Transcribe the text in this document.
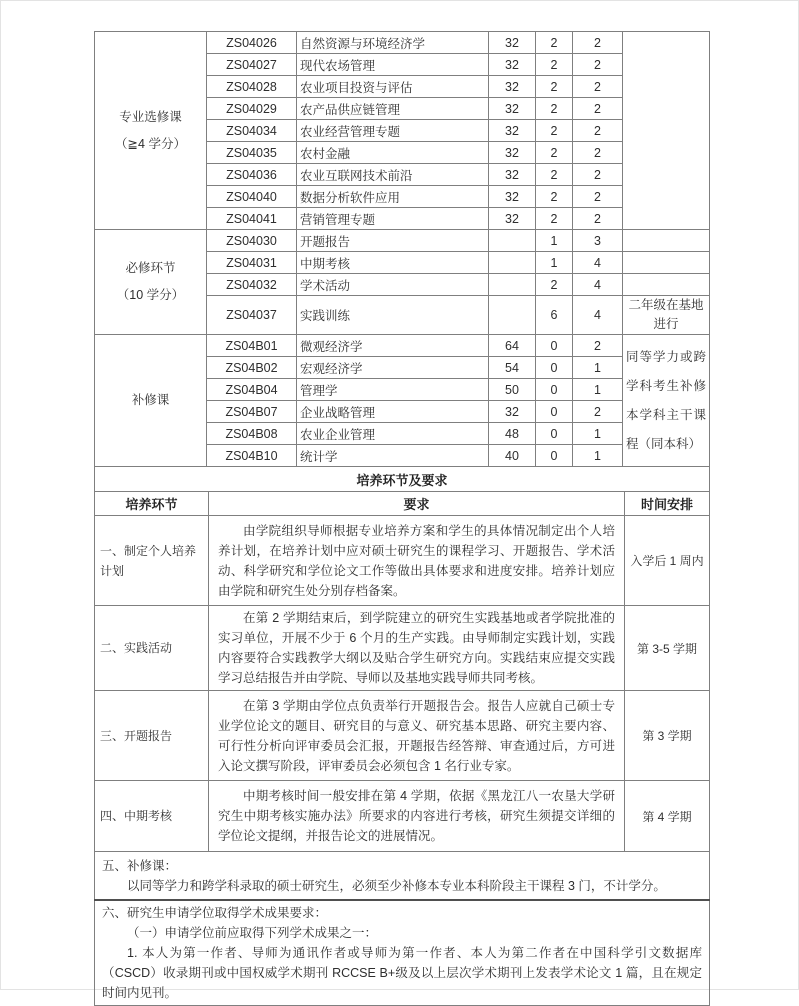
专业选修课
（≧4 学分）	ZS04026	自然资源与环境经济学	32	2	2	
	ZS04027	现代农场管理	32	2	2	
	ZS04028	农业项目投资与评估	32	2	2	
	ZS04029	农产品供应链管理	32	2	2	
	ZS04034	农业经营管理专题	32	2	2	
	ZS04035	农村金融	32	2	2	
	ZS04036	农业互联网技术前沿	32	2	2	
	ZS04040	数据分析软件应用	32	2	2	
	ZS04041	营销管理专题	32	2	2	

必修环节
（10 学分）	ZS04030	开题报告		1	3	
	ZS04031	中期考核		1	4	
	ZS04032	学术活动		2	4	
	ZS04037	实践训练		6	4	二年级在基地进行

补修课	ZS04B01	微观经济学	64	0	2	同等学力或跨学科考生补修本学科主干课程（同本科）
	ZS04B02	宏观经济学	54	0	1	
	ZS04B04	管理学	50	0	1	
	ZS04B07	企业战略管理	32	0	2	
	ZS04B08	农业企业管理	48	0	1	
	ZS04B10	统计学	40	0	1	
培养环节及要求		
培养环节	要求	时间安排
一、制定个人培养计划	由学院组织导师根据专业培养方案和学生的具体情况制定出个人培养计划，在培养计划中应对硕士研究生的课程学习、开题报告、学术活动、科学研究和学位论文工作等做出具体要求和进度安排。培养计划应由学院和研究生处分别存档备案。	入学后 1 周内
二、实践活动	在第 2 学期结束后，到学院建立的研究生实践基地或者学院批准的实习单位，开展不少于 6 个月的生产实践。由导师制定实践计划，实践内容要符合实践教学大纲以及贴合学生研究方向。实践结束应提交实践学习总结报告并由学院、导师以及基地实践导师共同考核。	第 3-5 学期
三、开题报告	在第 3 学期由学位点负责举行开题报告会。报告人应就自己硕士专业学位论文的题目、研究目的与意义、研究基本思路、研究主要内容、可行性分析向评审委员会汇报，开题报告经答辩、审查通过后，方可进入论文撰写阶段，评审委员会必须包含 1 名行业专家。	第 3 学期
四、中期考核	中期考核时间一般安排在第 4 学期，依据《黑龙江八一农垦大学研究生中期考核实施办法》所要求的内容进行考核，研究生须提交详细的学位论文提纲，并报告论文的进展情况。	第 4 学期

五、补修课：

以同等学力和跨学科录取的硕士研究生，必须至少补修本专业本科阶段主干课程 3 门，不计学分。		

六、研究生申请学位取得学术成果要求：

（一）申请学位前应取得下列学术成果之一：

1. 本人为第一作者、导师为通讯作者或导师为第一作者、本人为第二作者在中国科学引文数据库（CSCD）收录期刊或中国权威学术期刊 RCCSE B+级及以上层次学术期刊上发表学术论文 1 篇，且在规定时间内见刊。		
